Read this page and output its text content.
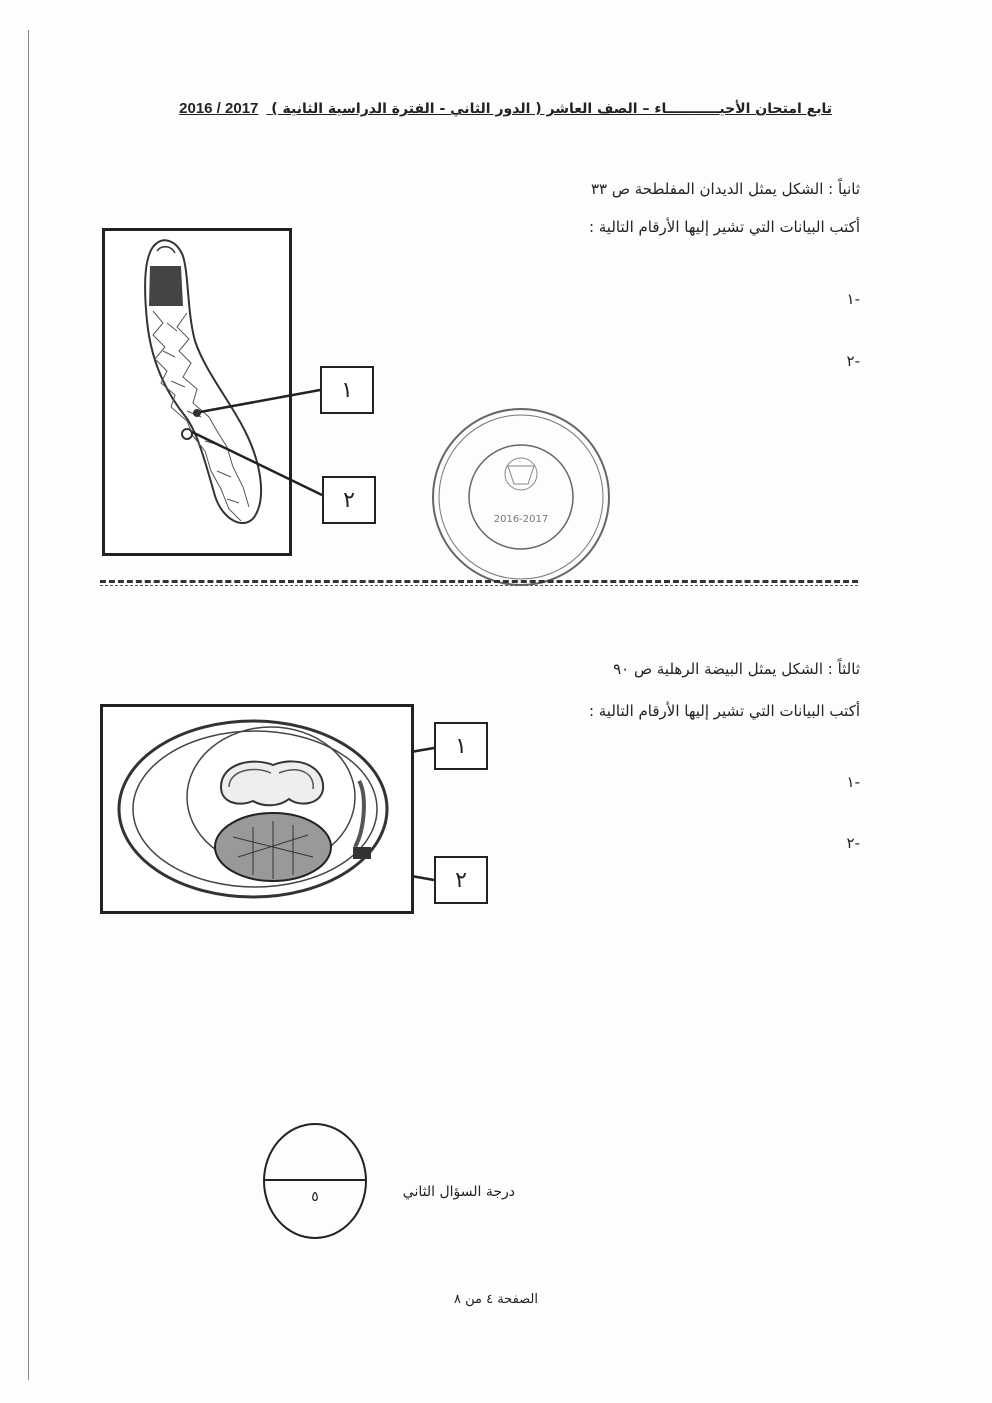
تابع امتحان الأحيـــــــــــاء – الصف العاشر ( الدور الثاني - الفترة الدراسية الثانية ) 2017 / 2016
ثانياً : الشكل يمثل الديدان المفلطحة ص ٣٣
أكتب البيانات التي تشير إليها الأرقام التالية :
-١
-٢
١
٢
2016-2017
ثالثاً : الشكل يمثل البيضة الرهلية ص ٩٠
أكتب البيانات التي تشير إليها الأرقام التالية :
-١
-٢
١
٢
٥	درجة السؤال الثاني
الصفحة ٤ من ٨
